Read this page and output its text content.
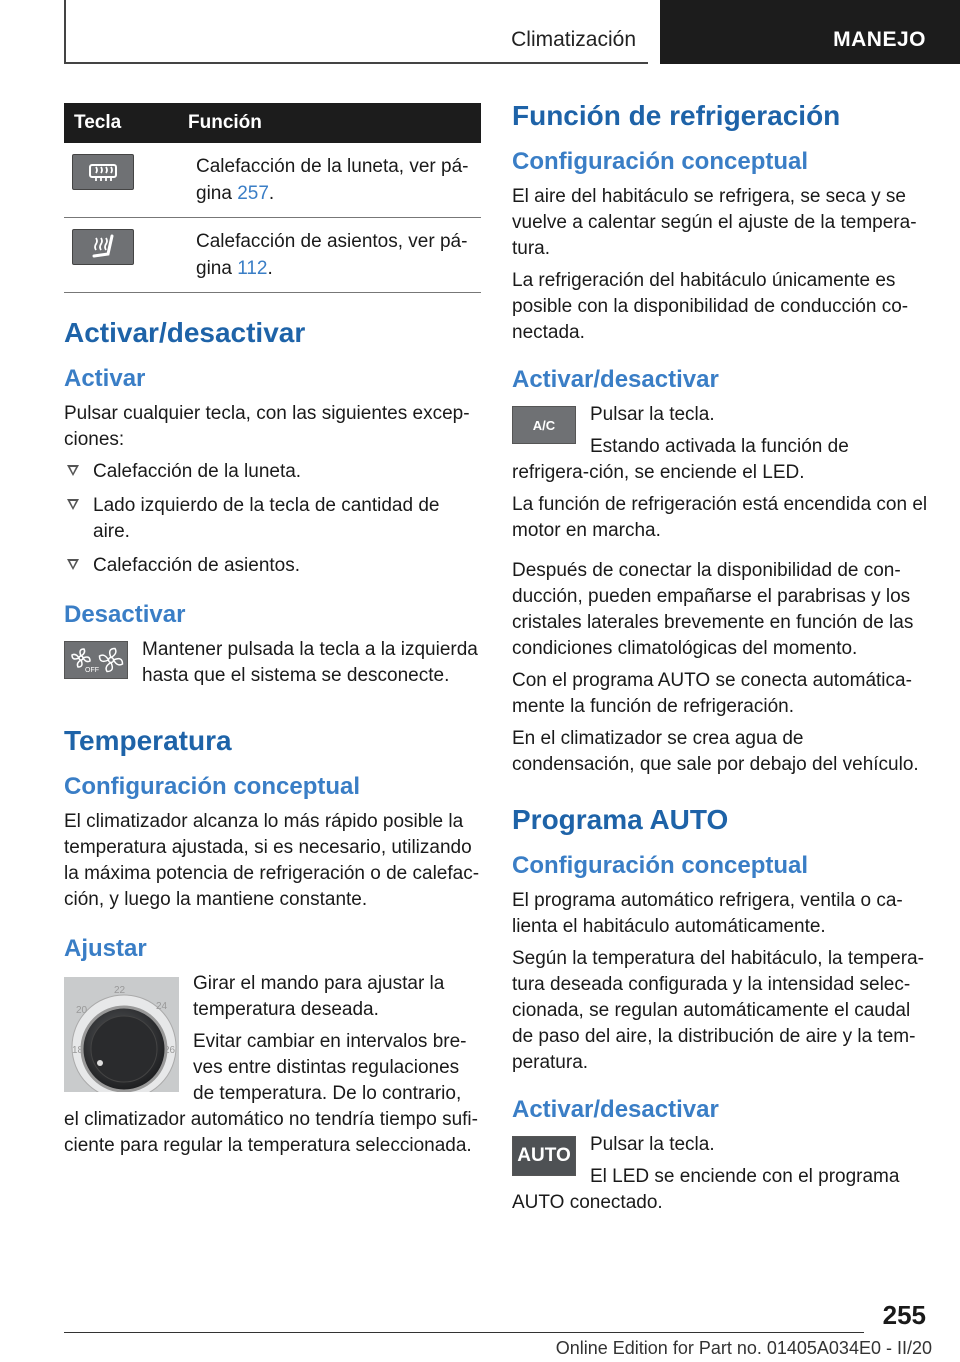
Climatización	MANEJO
Tecla	Función

	Calefacción de la luneta, ver pá-
gina 257.

	Calefacción de asientos, ver pá-
gina 112.
Activar/desactivar
Activar

Pulsar cualquier tecla, con las siguientes excep-ciones:

Calefacción de la luneta.
Lado izquierdo de la tecla de cantidad de aire.
Calefacción de asientos.
Desactivar
OFF

Mantener pulsada la tecla a la izquierda hasta que el sistema se desconecte.

Temperatura
Configuración conceptual

El climatizador alcanza lo más rápido posible la temperatura ajustada, si es necesario, utilizando la máxima potencia de refrigeración o de calefac-ción, y luego la mantiene constante.

Ajustar
18
20
22
24
26

Girar el mando para ajustar la temperatura deseada.

Evitar cambiar en intervalos bre-ves entre distintas regulaciones de temperatura. De lo contrario, el climatizador automático no tendría tiempo sufi-ciente para regular la temperatura seleccionada.

Función de refrigeración
Configuración conceptual

El aire del habitáculo se refrigera, se seca y se vuelve a calentar según el ajuste de la tempera-tura.

La refrigeración del habitáculo únicamente es posible con la disponibilidad de conducción co-nectada.

Activar/desactivar
A/C	Pulsar la tecla.

Estando activada la función de refrigera-ción, se enciende el LED.

La función de refrigeración está encendida con el motor en marcha.

Después de conectar la disponibilidad de con-ducción, pueden empañarse el parabrisas y los cristales laterales brevemente en función de las condiciones climatológicas del momento.

Con el programa AUTO se conecta automática-mente la función de refrigeración.

En el climatizador se crea agua de condensación, que sale por debajo del vehículo.

Programa AUTO
Configuración conceptual

El programa automático refrigera, ventila o ca-lienta el habitáculo automáticamente.

Según la temperatura del habitáculo, la tempera-tura deseada configurada y la intensidad selec-cionada, se regulan automáticamente el caudal de paso del aire, la distribución de aire y la tem-peratura.

Activar/desactivar
AUTO

Pulsar la tecla.

El LED se enciende con el programa AUTO conectado.

255
Online Edition for Part no. 01405A034E0 - II/20
